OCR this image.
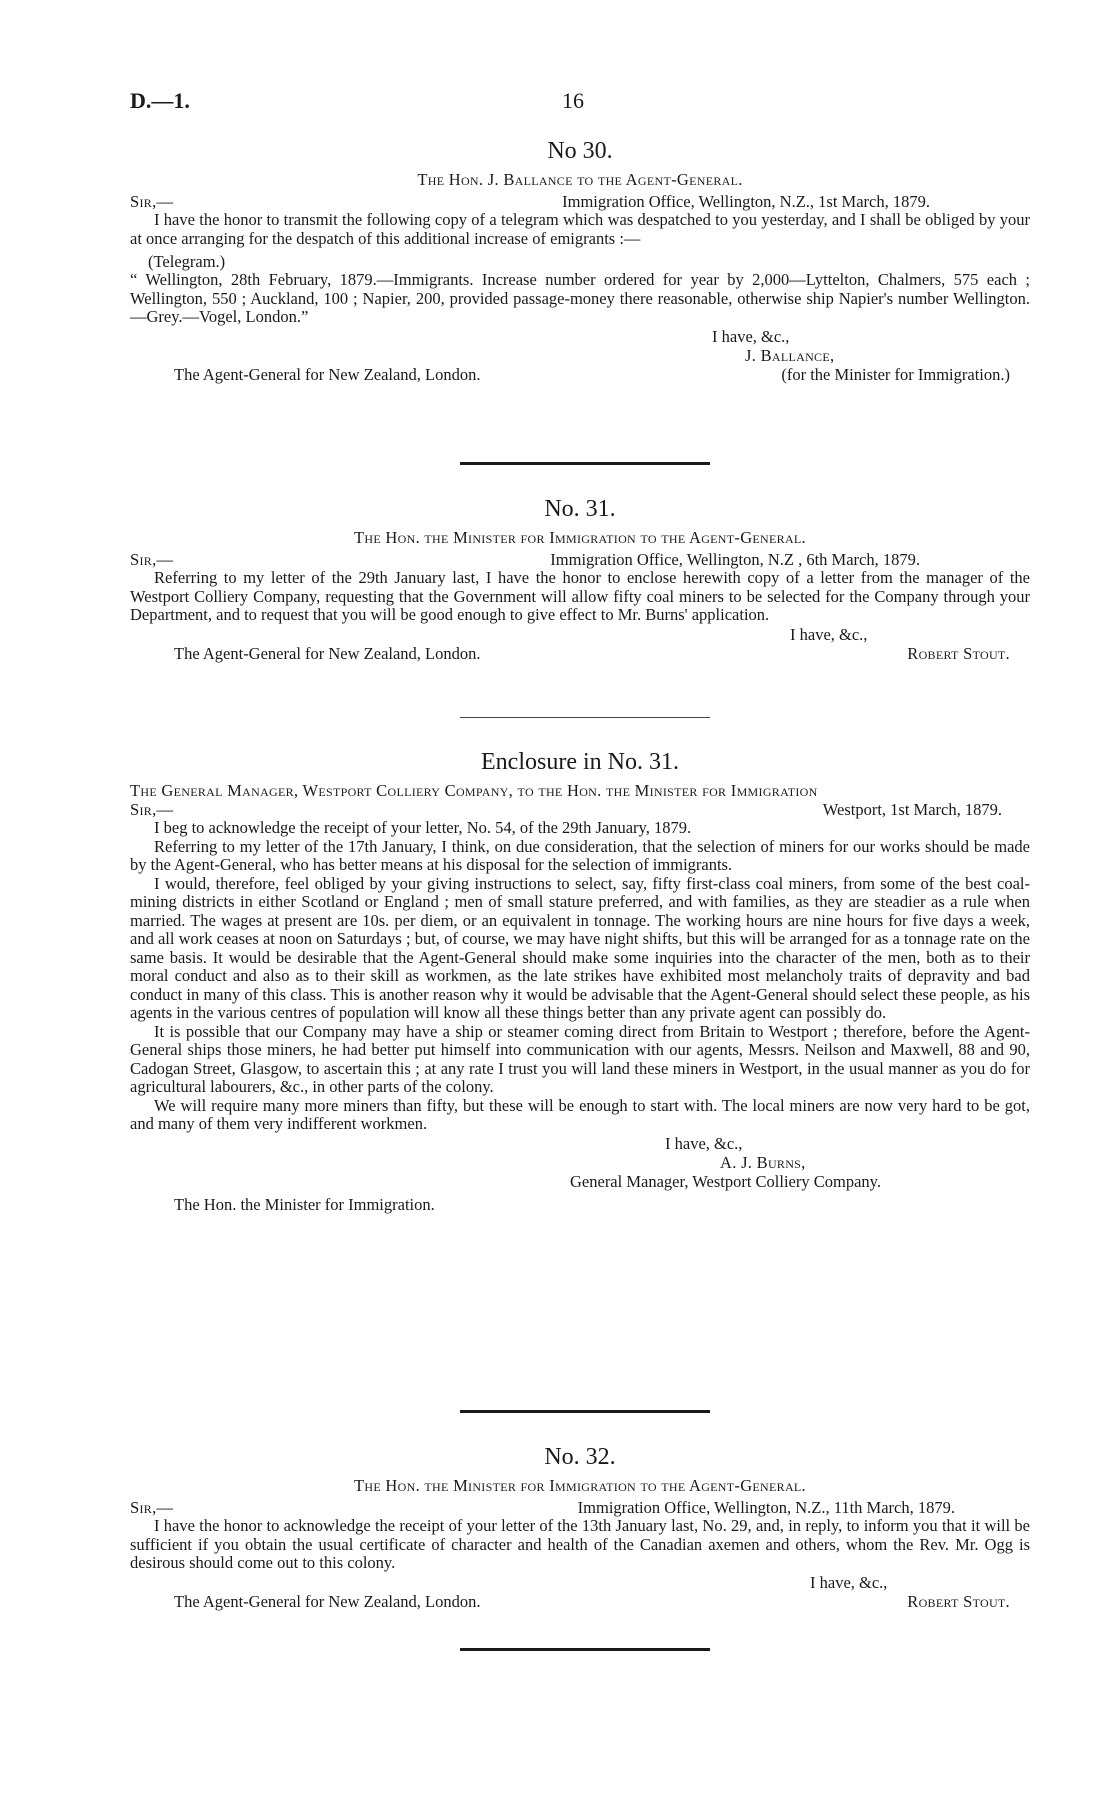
D.—1.	16
No 30.
The Hon. J. Ballance to the Agent-General.
Sir,—	Immigration Office, Wellington, N.Z., 1st March, 1879.

I have the honor to transmit the following copy of a telegram which was despatched to you yesterday, and I shall be obliged by your at once arranging for the despatch of this additional increase of emigrants :—

(Telegram.)

“ Wellington, 28th February, 1879.—Immigrants. Increase number ordered for year by 2,000—Lyttelton, Chalmers, 575 each ; Wellington, 550 ; Auckland, 100 ; Napier, 200, provided passage-money there reasonable, otherwise ship Napier's number Wellington.—Grey.—Vogel, London.”

I have, &c.,
J. Ballance,
The Agent-General for New Zealand, London.	(for the Minister for Immigration.)
No. 31.
The Hon. the Minister for Immigration to the Agent-General.
Sir,—	Immigration Office, Wellington, N.Z , 6th March, 1879.

Referring to my letter of the 29th January last, I have the honor to enclose herewith copy of a letter from the manager of the Westport Colliery Company, requesting that the Government will allow fifty coal miners to be selected for the Company through your Department, and to request that you will be good enough to give effect to Mr. Burns' application.

I have, &c.,
The Agent-General for New Zealand, London.	Robert Stout.
Enclosure in No. 31.
The General Manager, Westport Colliery Company, to the Hon. the Minister for Immigration
Sir,—	Westport, 1st March, 1879.

I beg to acknowledge the receipt of your letter, No. 54, of the 29th January, 1879.

Referring to my letter of the 17th January, I think, on due consideration, that the selection of miners for our works should be made by the Agent-General, who has better means at his disposal for the selection of immigrants.

I would, therefore, feel obliged by your giving instructions to select, say, fifty first-class coal miners, from some of the best coal-mining districts in either Scotland or England ; men of small stature preferred, and with families, as they are steadier as a rule when married. The wages at present are 10s. per diem, or an equivalent in tonnage. The working hours are nine hours for five days a week, and all work ceases at noon on Saturdays ; but, of course, we may have night shifts, but this will be arranged for as a tonnage rate on the same basis. It would be desirable that the Agent-General should make some inquiries into the character of the men, both as to their moral conduct and also as to their skill as workmen, as the late strikes have exhibited most melancholy traits of depravity and bad conduct in many of this class. This is another reason why it would be advisable that the Agent-General should select these people, as his agents in the various centres of population will know all these things better than any private agent can possibly do.

It is possible that our Company may have a ship or steamer coming direct from Britain to Westport ; therefore, before the Agent-General ships those miners, he had better put himself into communication with our agents, Messrs. Neilson and Maxwell, 88 and 90, Cadogan Street, Glasgow, to ascertain this ; at any rate I trust you will land these miners in Westport, in the usual manner as you do for agricultural labourers, &c., in other parts of the colony.

We will require many more miners than fifty, but these will be enough to start with. The local miners are now very hard to be got, and many of them very indifferent workmen.

I have, &c.,
A. J. Burns,
General Manager, Westport Colliery Company.
The Hon. the Minister for Immigration.
No. 32.
The Hon. the Minister for Immigration to the Agent-General.
Sir,—	Immigration Office, Wellington, N.Z., 11th March, 1879.

I have the honor to acknowledge the receipt of your letter of the 13th January last, No. 29, and, in reply, to inform you that it will be sufficient if you obtain the usual certificate of character and health of the Canadian axemen and others, whom the Rev. Mr. Ogg is desirous should come out to this colony.

I have, &c.,
The Agent-General for New Zealand, London.	Robert Stout.
